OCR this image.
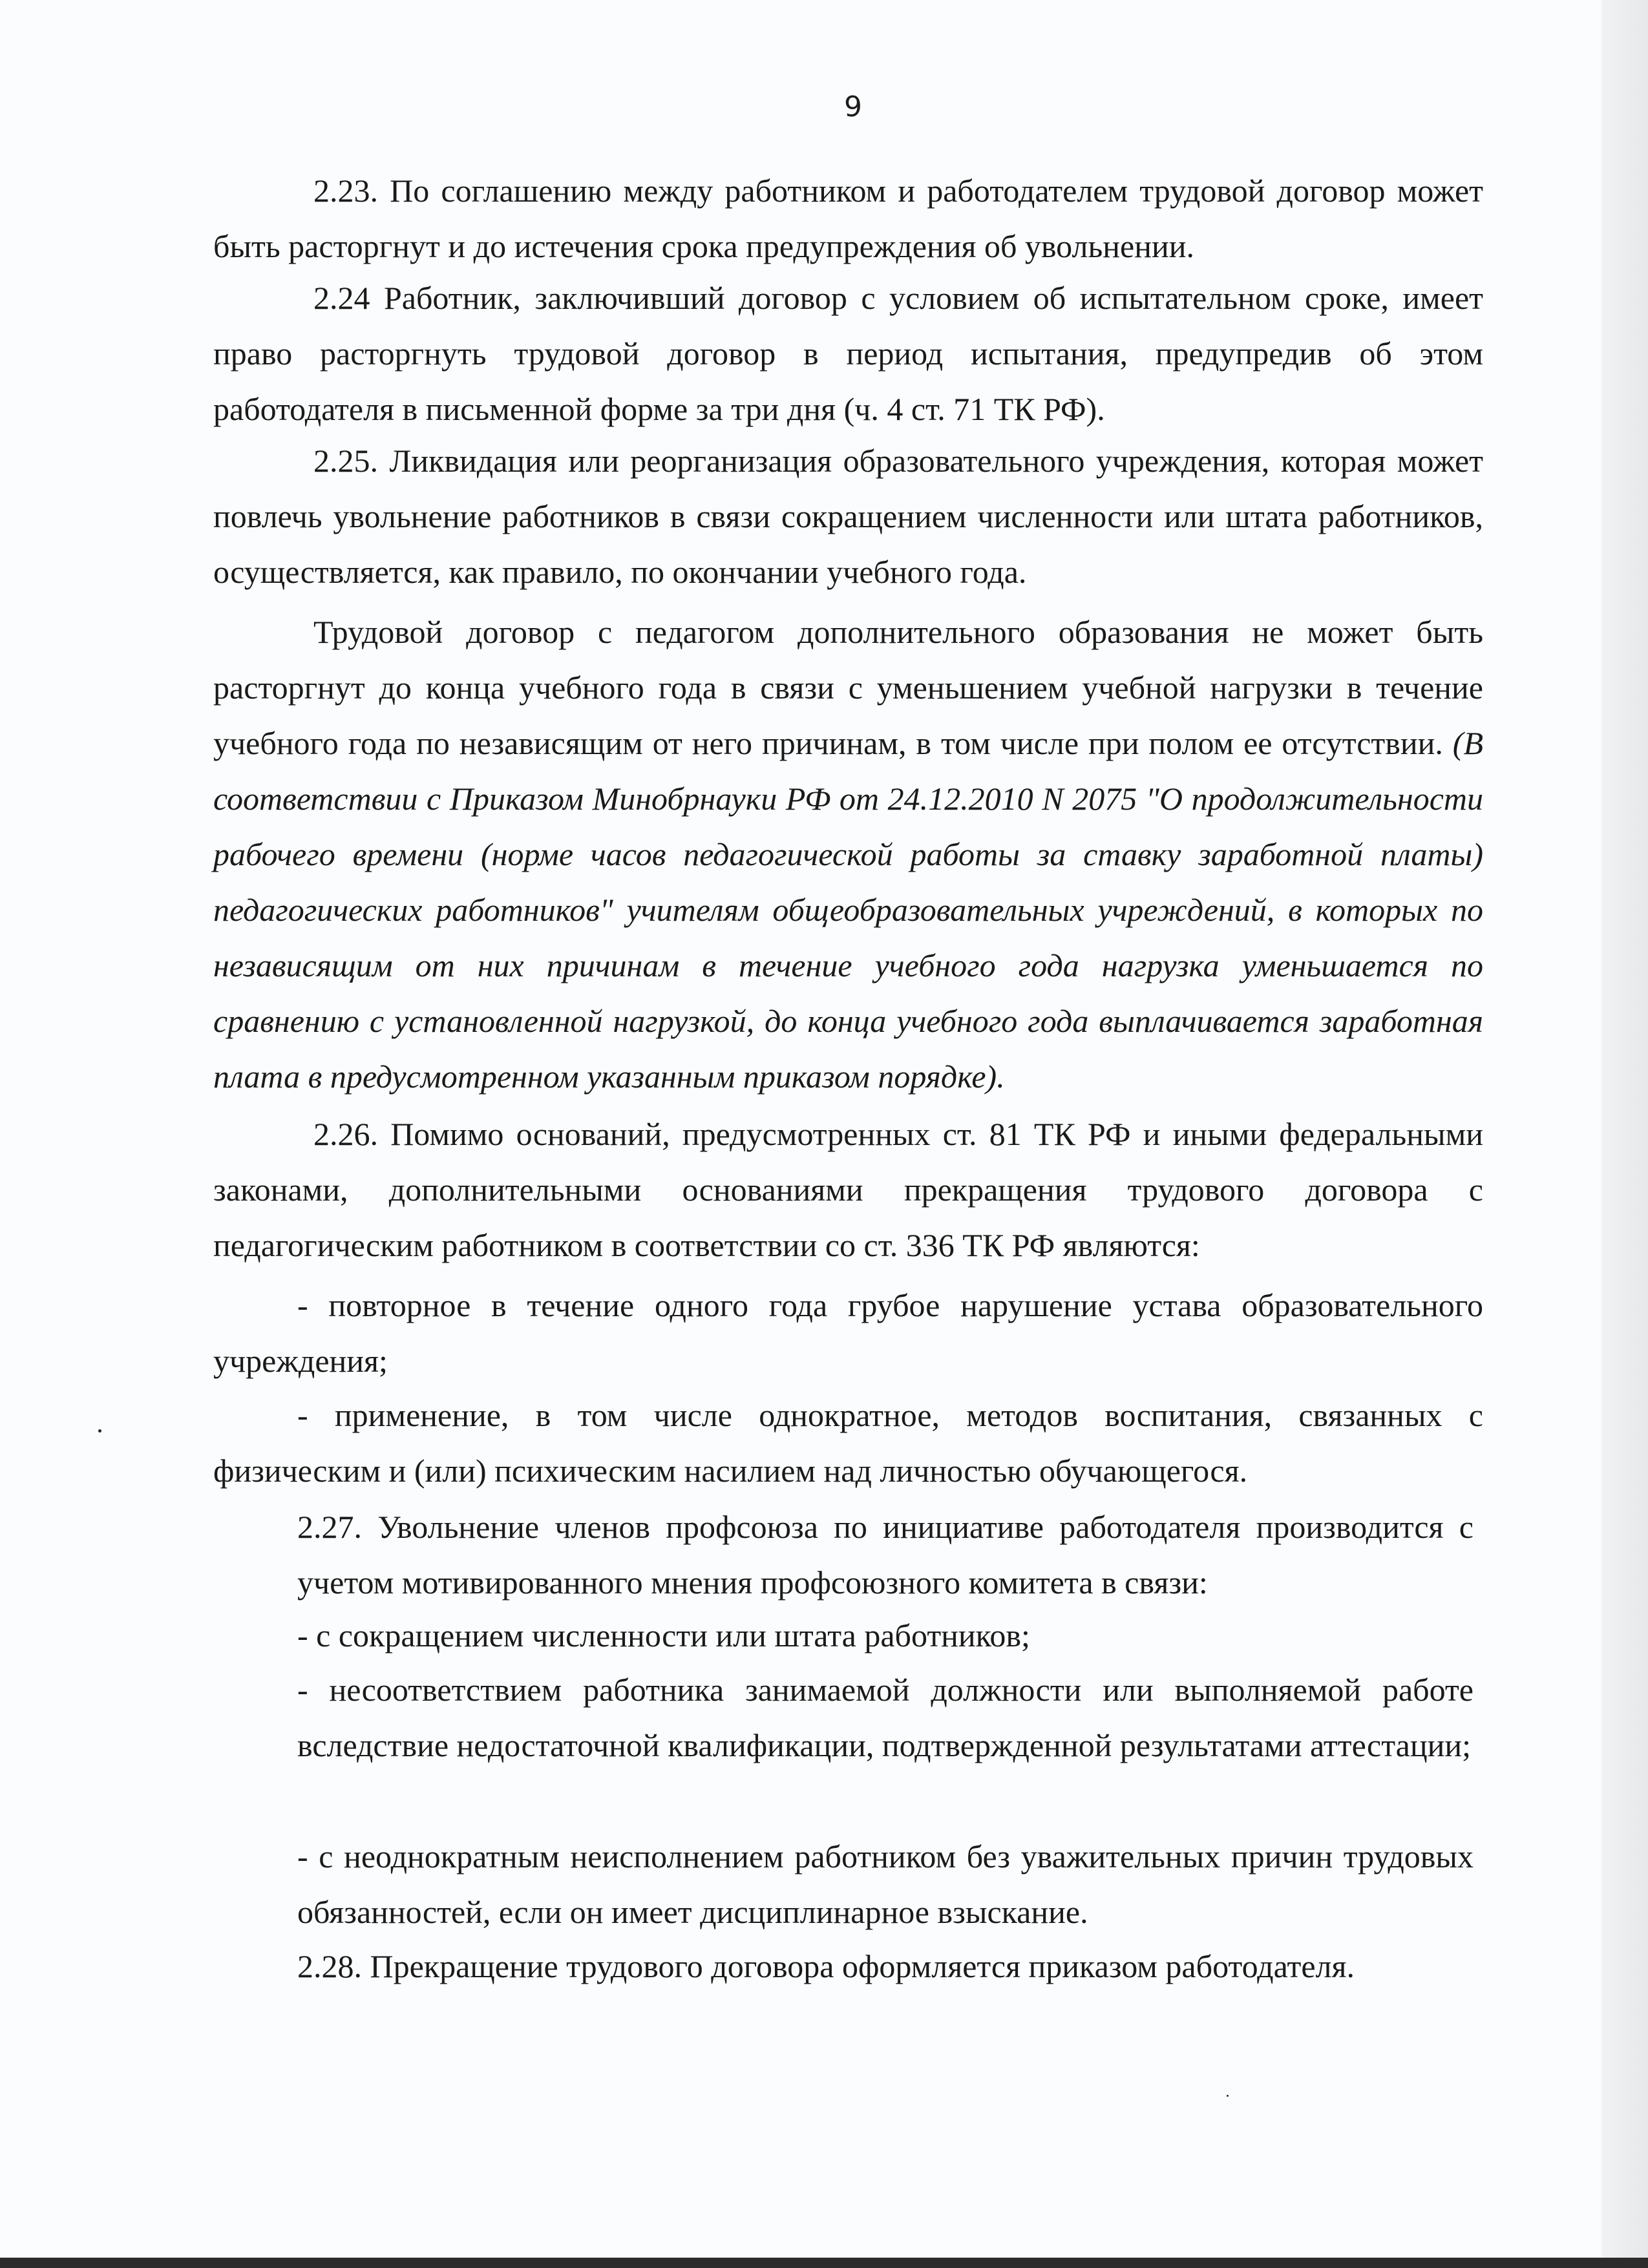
9

2.23. По соглашению между работником и работодателем трудовой договор может быть расторгнут и до истечения срока предупреждения об увольнении.

2.24 Работник, заключивший договор с условием об испытательном сроке, имеет право расторгнуть трудовой договор в период испытания, предупредив об этом работодателя в письменной форме за три дня (ч. 4 ст. 71 ТК РФ).

2.25. Ликвидация или реорганизация образовательного учреждения, которая может повлечь увольнение работников в связи сокращением численности или штата работников, осуществляется, как правило, по окончании учебного года.

Трудовой договор с педагогом дополнительного образования не может быть расторгнут до конца учебного года в связи с уменьшением учебной нагрузки в течение учебного года по независящим от него причинам, в том числе при полом ее отсутствии. (В соответствии с Приказом Минобрнауки РФ от 24.12.2010 N 2075 "О продолжительности рабочего времени (норме часов педагогической работы за ставку заработной платы) педагогических работников" учителям общеобразовательных учреждений, в которых по независящим от них причинам в течение учебного года нагрузка уменьшается по сравнению с установленной нагрузкой, до конца учебного года выплачивается заработная плата в предусмотренном указанным приказом порядке).

2.26. Помимо оснований, предусмотренных ст. 81 ТК РФ и иными федеральными законами, дополнительными основаниями прекращения трудового договора с педагогическим работником в соответствии со ст. 336 ТК РФ являются:

- повторное в течение одного года грубое нарушение устава образовательного учреждения;

- применение, в том числе однократное, методов воспитания, связанных с физическим и (или) психическим насилием над личностью обучающегося.

2.27. Увольнение членов профсоюза по инициативе работодателя производится с учетом мотивированного мнения профсоюзного комитета в связи:

- с сокращением численности или штата работников;

- несоответствием работника занимаемой должности или выполняемой работе вследствие недостаточной квалификации, подтвержденной результатами аттестации;

- с неоднократным неисполнением работником без уважительных причин трудовых обязанностей, если он имеет дисциплинарное взыскание.

2.28. Прекращение трудового договора оформляется приказом работодателя.
